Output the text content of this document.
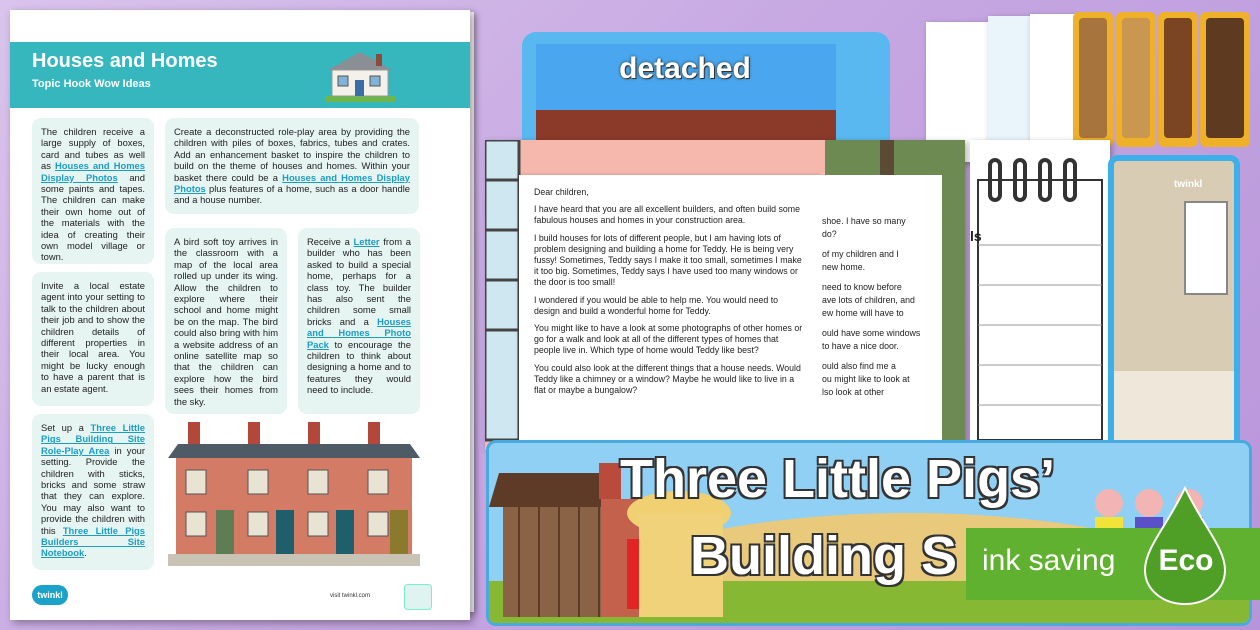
Houses and Homes
Topic Hook Wow Ideas
The children receive a large supply of boxes, card and tubes as well as Houses and Homes Display Photos and some paints and tapes. The children can make their own home out of the materials with the idea of creating their own model village or town.
Create a deconstructed role-play area by providing the children with piles of boxes, fabrics, tubes and crates. Add an enhancement basket to inspire the children to build on the theme of houses and homes. Within your basket there could be a Houses and Homes Display Photos plus features of a home, such as a door handle and a house number.
Invite a local estate agent into your setting to talk to the children about their job and to show the children details of different properties in their local area. You might be lucky enough to have a parent that is an estate agent.
A bird soft toy arrives in the classroom with a map of the local area rolled up under its wing. Allow the children to explore where their school and home might be on the map. The bird could also bring with him a website address of an online satellite map so that the children can explore how the bird sees their homes from the sky.
Receive a Letter from a builder who has been asked to build a special home, perhaps for a class toy. The builder has also sent the children some small bricks and a Houses and Homes Photo Pack to encourage the children to think about designing a home and to features they would need to include.
Set up a Three Little Pigs Building Site Role-Play Area in your setting. Provide the children with sticks, bricks and some straw that they can explore. You may also want to provide the children with this Three Little Pigs Builders Site Notebook.
twinkl	visit twinkl.com
detached

Dear children,

I have heard that you are all excellent builders, and often build some fabulous houses and homes in your construction area.

I build houses for lots of different people, but I am having lots of problem designing and building a home for Teddy. He is being very fussy! Sometimes, Teddy says I make it too small, sometimes I make it too big. Sometimes, Teddy says I have used too many windows or the door is too small!

I wondered if you would be able to help me. You would need to design and build a wonderful home for Teddy.

You might like to have a look at some photographs of other homes or go for a walk and look at all of the different types of homes that people live in. Which type of home would Teddy like best?

You could also look at the different things that a house needs. Would Teddy like a chimney or a window? Maybe he would like to live in a flat or maybe a bungalow?

shoe. I have so many
do?
of my children and I
new home.
need to know before
ave lots of children, and
ew home will have to
ould have some windows
to have a nice door.
ould also find me a
ou might like to look at
lso look at other
ls
twinkl
Three Little Pigs’
Building S ink saving Eco
